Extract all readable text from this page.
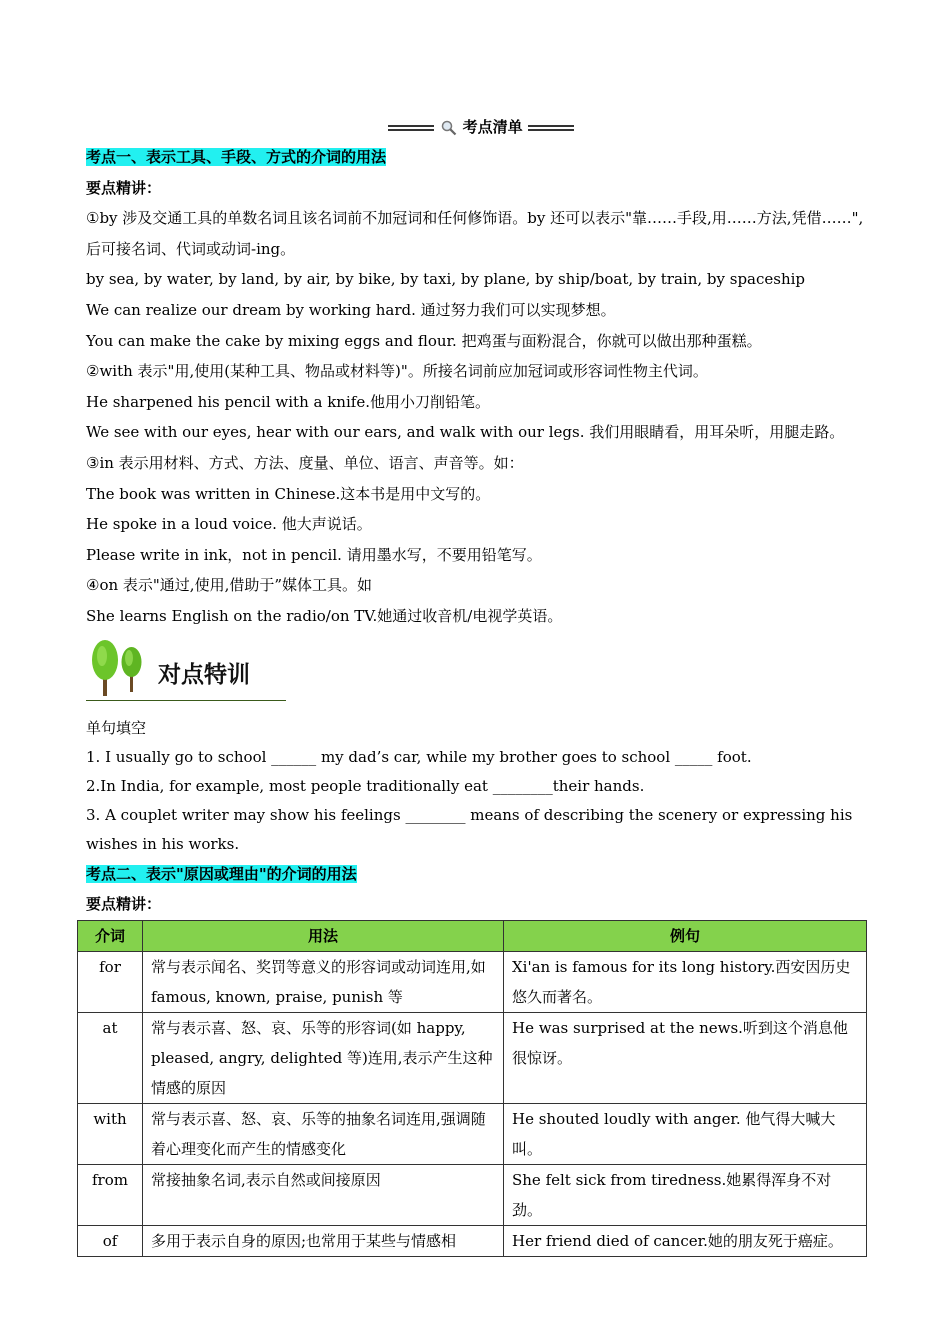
考点清单
考点一、表示工具、手段、方式的介词的用法
要点精讲：
①by 涉及交通工具的单数名词且该名词前不加冠词和任何修饰语。by 还可以表示"靠……手段,用……方法,凭借……",后可接名词、代词或动词-ing。
by sea, by water, by land, by air, by bike, by taxi, by plane, by ship/boat, by train, by spaceship
We can realize our dream by working hard. 通过努力我们可以实现梦想。
You can make the cake by mixing eggs and flour. 把鸡蛋与面粉混合，你就可以做出那种蛋糕。
②with 表示"用,使用(某种工具、物品或材料等)"。所接名词前应加冠词或形容词性物主代词。
He sharpened his pencil with a knife.他用小刀削铅笔。
We see with our eyes, hear with our ears, and walk with our legs. 我们用眼睛看，用耳朵听，用腿走路。
③in 表示用材料、方式、方法、度量、单位、语言、声音等。如：
The book was written in Chinese.这本书是用中文写的。
He spoke in a loud voice. 他大声说话。
Please write in ink，not in pencil. 请用墨水写，不要用铅笔写。
④on 表示"通过,使用,借助于”媒体工具。如
She learns English on the radio/on TV.她通过收音机/电视学英语。
对点特训
单句填空
1. I usually go to school ______ my dad’s car, while my brother goes to school _____ foot.
2.In India, for example, most people traditionally eat ________their hands.
3. A couplet writer may show his feelings ________ means of describing the scenery or expressing his wishes in his works.
考点二、表示"原因或理由"的介词的用法
要点精讲：
介词	用法	例句
for	常与表示闻名、奖罚等意义的形容词或动词连用,如 famous, known, praise, punish 等	Xi'an is famous for its long history.西安因历史悠久而著名。
at	常与表示喜、怒、哀、乐等的形容词(如 happy, pleased, angry, delighted 等)连用,表示产生这种情感的原因	He was surprised at the news.听到这个消息他很惊讶。
with	常与表示喜、怒、哀、乐等的抽象名词连用,强调随着心理变化而产生的情感变化	He shouted loudly with anger. 他气得大喊大叫。
from	常接抽象名词,表示自然或间接原因	She felt sick from tiredness.她累得浑身不对劲。
of	多用于表示自身的原因;也常用于某些与情感相	Her friend died of cancer.她的朋友死于癌症。
